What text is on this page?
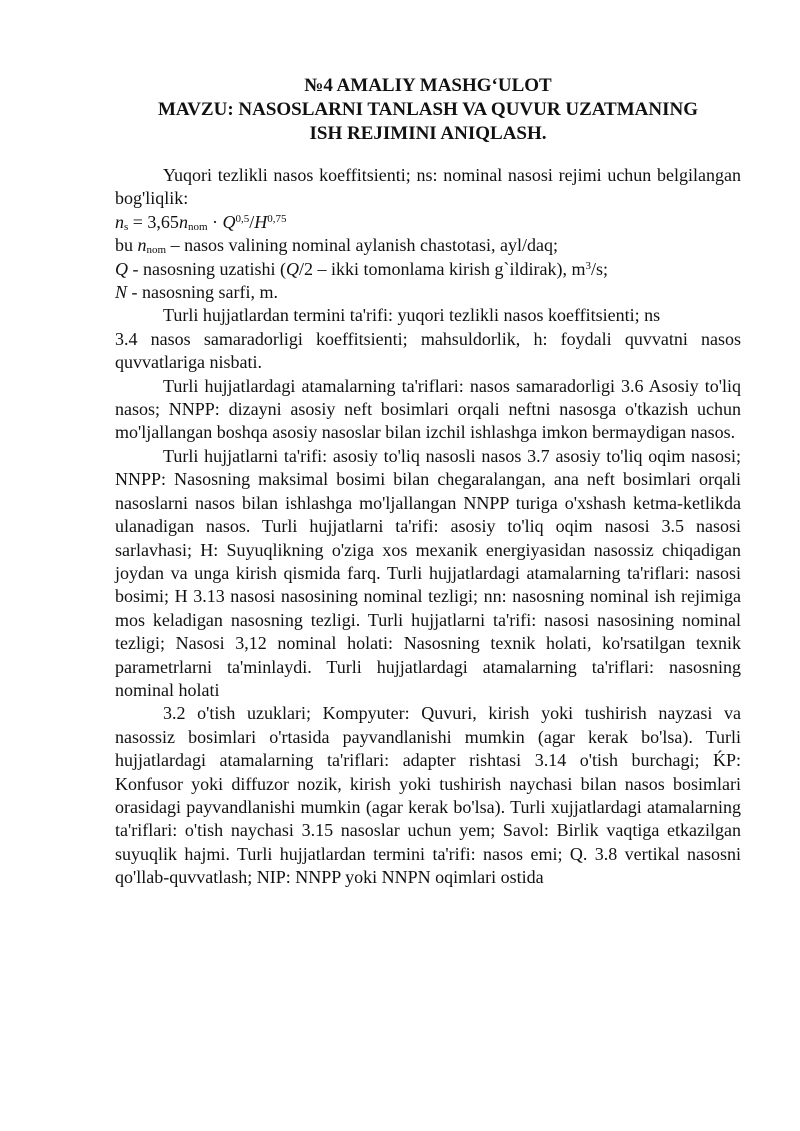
№4 AMALIY MASHG‘ULOT
MAVZU: NASOSLARNI TANLASH VA QUVUR UZATMANING
ISH REJIMINI ANIQLASH.

Yuqori tezlikli nasos koeffitsienti; ns: nominal nasosi rejimi uchun belgilangan bog'liqlik:

$n_s = 3,65n_{nom} \cdot Q^{0,5}/H^{0,75}$

bu $n_{nom}$ – nasos valining nominal aylanish chastotasi, ayl/daq;

Q - nasosning uzatishi (Q/2 – ikki tomonlama kirish g`ildirak), $m^3/s$;

N - nasosning sarfi, m.

Turli hujjatlardan termini ta'rifi: yuqori tezlikli nasos koeffitsienti; ns

3.4 nasos samaradorligi koeffitsienti; mahsuldorlik, h: foydali quvvatni nasos quvvatlariga nisbati.

Turli hujjatlardagi atamalarning ta'riflari: nasos samaradorligi 3.6 Asosiy to'liq nasos; NNPP: dizayni asosiy neft bosimlari orqali neftni nasosga o'tkazish uchun mo'ljallangan boshqa asosiy nasoslar bilan izchil ishlashga imkon bermaydigan nasos.

Turli hujjatlarni ta'rifi: asosiy to'liq nasosli nasos 3.7 asosiy to'liq oqim nasosi; NNPP: Nasosning maksimal bosimi bilan chegaralangan, ana neft bosimlari orqali nasoslarni nasos bilan ishlashga mo'ljallangan NNPP turiga o'xshash ketma-ketlikda ulanadigan nasos. Turli hujjatlarni ta'rifi: asosiy to'liq oqim nasosi 3.5 nasosi sarlavhasi; H: Suyuqlikning o'ziga xos mexanik energiyasidan nasossiz chiqadigan joydan va unga kirish qismida farq. Turli hujjatlardagi atamalarning ta'riflari: nasosi bosimi; H 3.13 nasosi nasosining nominal tezligi; nn: nasosning nominal ish rejimiga mos keladigan nasosning tezligi. Turli hujjatlarni ta'rifi: nasosi nasosining nominal tezligi; Nasosi 3,12 nominal holati: Nasosning texnik holati, ko'rsatilgan texnik parametrlarni ta'minlaydi. Turli hujjatlardagi atamalarning ta'riflari: nasosning nominal holati

3.2 o'tish uzuklari; Kompyuter: Quvuri, kirish yoki tushirish nayzasi va nasossiz bosimlari o'rtasida payvandlanishi mumkin (agar kerak bo'lsa). Turli hujjatlardagi atamalarning ta'riflari: adapter rishtasi 3.14 o'tish burchagi; ḰP: Konfusor yoki diffuzor nozik, kirish yoki tushirish naychasi bilan nasos bosimlari orasidagi payvandlanishi mumkin (agar kerak bo'lsa). Turli xujjatlardagi atamalarning ta'riflari: o'tish naychasi 3.15 nasoslar uchun yem; Savol: Birlik vaqtiga etkazilgan suyuqlik hajmi. Turli hujjatlardan termini ta'rifi: nasos emi; Q. 3.8 vertikal nasosni qo'llab-quvvatlash; NIP: NNPP yoki NNPN oqimlari ostida
